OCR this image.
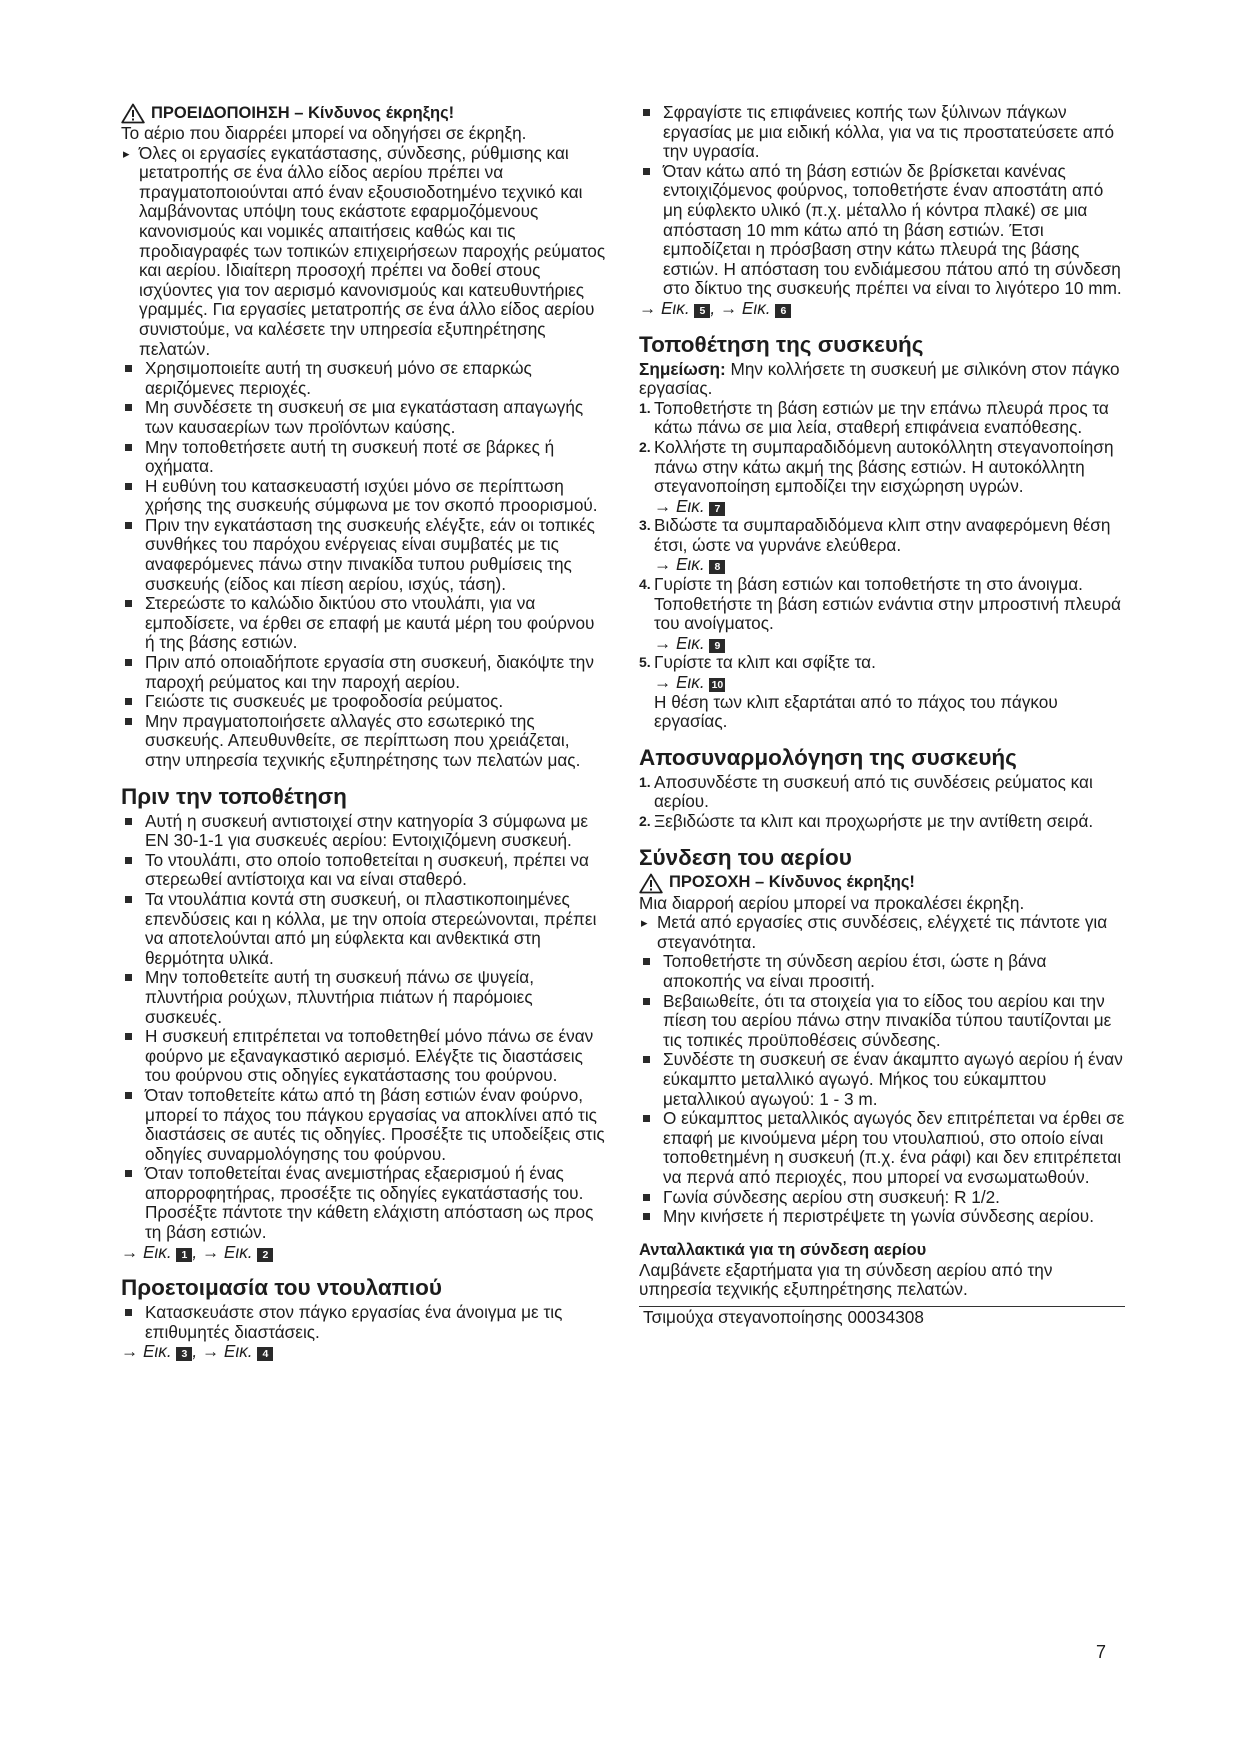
ΠΡΟΕΙΔΟΠΟΙΗΣΗ – Κίνδυνος έκρηξης!

Το αέριο που διαρρέει μπορεί να οδηγήσει σε έκρηξη.

▸ Όλες οι εργασίες εγκατάστασης, σύνδεσης, ρύθμισης και μετατροπής σε ένα άλλο είδος αερίου πρέπει να πραγματοποιούνται από έναν εξουσιοδοτημένο τεχνικό και λαμβάνοντας υπόψη τους εκάστοτε εφαρμοζόμενους κανονισμούς και νομικές απαιτήσεις καθώς και τις προδιαγραφές των τοπικών επιχειρήσεων παροχής ρεύματος και αερίου. Ιδιαίτερη προσοχή πρέπει να δοθεί στους ισχύοντες για τον αερισμό κανονισμούς και κατευθυντήριες γραμμές. Για εργασίες μετατροπής σε ένα άλλο είδος αερίου συνιστούμε, να καλέσετε την υπηρεσία εξυπηρέτησης πελατών.

Χρησιμοποιείτε αυτή τη συσκευή μόνο σε επαρκώς αεριζόμενες περιοχές.
Μη συνδέσετε τη συσκευή σε μια εγκατάσταση απαγωγής των καυσαερίων των προϊόντων καύσης.
Μην τοποθετήσετε αυτή τη συσκευή ποτέ σε βάρκες ή οχήματα.
Η ευθύνη του κατασκευαστή ισχύει μόνο σε περίπτωση χρήσης της συσκευής σύμφωνα με τον σκοπό προορισμού.
Πριν την εγκατάσταση της συσκευής ελέγξτε, εάν οι τοπικές συνθήκες του παρόχου ενέργειας είναι συμβατές με τις αναφερόμενες πάνω στην πινακίδα τυπου ρυθμίσεις της συσκευής (είδος και πίεση αερίου, ισχύς, τάση).
Στερεώστε το καλώδιο δικτύου στο ντουλάπι, για να εμποδίσετε, να έρθει σε επαφή με καυτά μέρη του φούρνου ή της βάσης εστιών.
Πριν από οποιαδήποτε εργασία στη συσκευή, διακόψτε την παροχή ρεύματος και την παροχή αερίου.
Γειώστε τις συσκευές με τροφοδοσία ρεύματος.
Μην πραγματοποιήσετε αλλαγές στο εσωτερικό της συσκευής. Απευθυνθείτε, σε περίπτωση που χρειάζεται, στην υπηρεσία τεχνικής εξυπηρέτησης των πελατών μας.
Πριν την τοποθέτηση
Αυτή η συσκευή αντιστοιχεί στην κατηγορία 3 σύμφωνα με EN 30-1-1 για συσκευές αερίου: Εντοιχιζόμενη συσκευή.
Το ντουλάπι, στο οποίο τοποθετείται η συσκευή, πρέπει να στερεωθεί αντίστοιχα και να είναι σταθερό.
Τα ντουλάπια κοντά στη συσκευή, οι πλαστικοποιημένες επενδύσεις και η κόλλα, με την οποία στερεώνονται, πρέπει να αποτελούνται από μη εύφλεκτα και ανθεκτικά στη θερμότητα υλικά.
Μην τοποθετείτε αυτή τη συσκευή πάνω σε ψυγεία, πλυντήρια ρούχων, πλυντήρια πιάτων ή παρόμοιες συσκευές.
Η συσκευή επιτρέπεται να τοποθετηθεί μόνο πάνω σε έναν φούρνο με εξαναγκαστικό αερισμό. Ελέγξτε τις διαστάσεις του φούρνου στις οδηγίες εγκατάστασης του φούρνου.
Όταν τοποθετείτε κάτω από τη βάση εστιών έναν φούρνο, μπορεί το πάχος του πάγκου εργασίας να αποκλίνει από τις διαστάσεις σε αυτές τις οδηγίες. Προσέξτε τις υποδείξεις στις οδηγίες συναρμολόγησης του φούρνου.
Όταν τοποθετείται ένας ανεμιστήρας εξαερισμού ή ένας απορροφητήρας, προσέξτε τις οδηγίες εγκατάστασής του. Προσέξτε πάντοτε την κάθετη ελάχιστη απόσταση ως προς τη βάση εστιών.

→ Εικ. 1 , → Εικ. 2

Προετοιμασία του ντουλαπιού
Κατασκευάστε στον πάγκο εργασίας ένα άνοιγμα με τις επιθυμητές διαστάσεις.

→ Εικ. 3 , → Εικ. 4

Σφραγίστε τις επιφάνειες κοπής των ξύλινων πάγκων εργασίας με μια ειδική κόλλα, για να τις προστατεύσετε από την υγρασία.
Όταν κάτω από τη βάση εστιών δε βρίσκεται κανένας εντοιχιζόμενος φούρνος, τοποθετήστε έναν αποστάτη από μη εύφλεκτο υλικό (π.χ. μέταλλο ή κόντρα πλακέ) σε μια απόσταση 10 mm κάτω από τη βάση εστιών. Έτσι εμποδίζεται η πρόσβαση στην κάτω πλευρά της βάσης εστιών. Η απόσταση του ενδιάμεσου πάτου από τη σύνδεση στο δίκτυο της συσκευής πρέπει να είναι το λιγότερο 10 mm.

→ Εικ. 5 , → Εικ. 6

Τοποθέτηση της συσκευής

Σημείωση: Μην κολλήσετε τη συσκευή με σιλικόνη στον πάγκο εργασίας.

1. Τοποθετήστε τη βάση εστιών με την επάνω πλευρά προς τα κάτω πάνω σε μια λεία, σταθερή επιφάνεια εναπόθεσης.
2. Κολλήστε τη συμπαραδιδόμενη αυτοκόλλητη στεγανοποίηση πάνω στην κάτω ακμή της βάσης εστιών. Η αυτοκόλλητη στεγανοποίηση εμποδίζει την εισχώρηση υγρών.
→ Εικ. 7
3. Βιδώστε τα συμπαραδιδόμενα κλιπ στην αναφερόμενη θέση έτσι, ώστε να γυρνάνε ελεύθερα.
→ Εικ. 8
4. Γυρίστε τη βάση εστιών και τοποθετήστε τη στο άνοιγμα. Τοποθετήστε τη βάση εστιών ενάντια στην μπροστινή πλευρά του ανοίγματος.
→ Εικ. 9
5. Γυρίστε τα κλιπ και σφίξτε τα.
→ Εικ. 10
Η θέση των κλιπ εξαρτάται από το πάχος του πάγκου εργασίας.
Αποσυναρμολόγηση της συσκευής
1. Αποσυνδέστε τη συσκευή από τις συνδέσεις ρεύματος και αερίου.
2. Ξεβιδώστε τα κλιπ και προχωρήστε με την αντίθετη σειρά.
Σύνδεση του αερίου
ΠΡΟΣΟΧΗ – Κίνδυνος έκρηξης!

Μια διαρροή αερίου μπορεί να προκαλέσει έκρηξη.

▸ Μετά από εργασίες στις συνδέσεις, ελέγχετέ τις πάντοτε για στεγανότητα.

Τοποθετήστε τη σύνδεση αερίου έτσι, ώστε η βάνα αποκοπής να είναι προσιτή.
Βεβαιωθείτε, ότι τα στοιχεία για το είδος του αερίου και την πίεση του αερίου πάνω στην πινακίδα τύπου ταυτίζονται με τις τοπικές προϋποθέσεις σύνδεσης.
Συνδέστε τη συσκευή σε έναν άκαμπτο αγωγό αερίου ή έναν εύκαμπτο μεταλλικό αγωγό. Μήκος του εύκαμπτου μεταλλικού αγωγού: 1 - 3 m.
Ο εύκαμπτος μεταλλικός αγωγός δεν επιτρέπεται να έρθει σε επαφή με κινούμενα μέρη του ντουλαπιού, στο οποίο είναι τοποθετημένη η συσκευή (π.χ. ένα ράφι) και δεν επιτρέπεται να περνά από περιοχές, που μπορεί να ενσωματωθούν.
Γωνία σύνδεσης αερίου στη συσκευή: R 1/2.
Μην κινήσετε ή περιστρέψετε τη γωνία σύνδεσης αερίου.
Ανταλλακτικά για τη σύνδεση αερίου

Λαμβάνετε εξαρτήματα για τη σύνδεση αερίου από την υπηρεσία τεχνικής εξυπηρέτησης πελατών.

Τσιμούχα στεγανοποίησης 00034308
7
